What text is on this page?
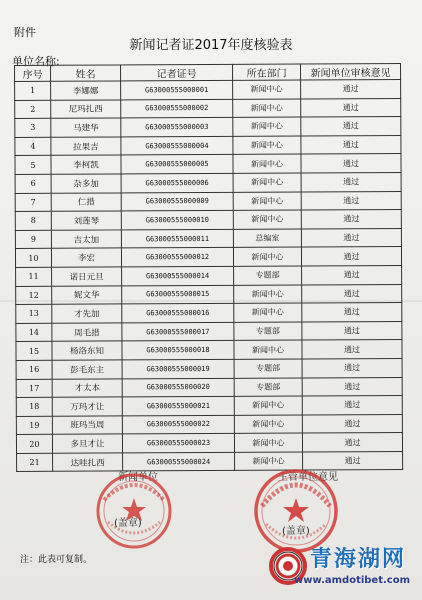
附件
新闻记者证2017年度核验表
单位名称:
序号	姓名	记者证号	所在部门	新闻单位审核意见
1	李娜娜	G63000555000001	新闻中心	通过
2	尼玛扎西	G63000555000002	新闻中心	通过
3	马建华	G63000555000003	新闻中心	通过
4	拉果吉	G63000555000004	新闻中心	通过
5	李柯凯	G63000555000005	新闻中心	通过
6	杂多加	G63000555000006	新闻中心	通过
7	仁措	G63000555000009	新闻中心	通过
8	刘莲琴	G63000555000010	新闻中心	通过
9	吉太加	G63000555000011	总编室	通过
10	李宏	G63000555000012	新闻中心	通过
11	诺日元旦	G63000555000014	专题部	通过
12	妮文华	G63000555000015	新闻中心	通过
13	才先加	G63000555000016	新闻中心	通过
14	周毛措	G63000555000017	专题部	通过
15	杨洛东知	G63000555000018	新闻中心	通过
16	彭毛东主	G63000555000019	专题部	通过
17	才太本	G63000555000020	专题部	通过
18	万玛才让	G63000555000021	新闻中心	通过
19	班玛当周	G63000555000022	新闻中心	通过
20	多旦才让	G63000555000023	新闻中心	通过
21	达哇扎西	G63000555000024	新闻中心	通过
新闻单位	主管单位意见
(盖章)
(盖章)
注：此表可复制。	青海湖网
www.amdotibet.com
